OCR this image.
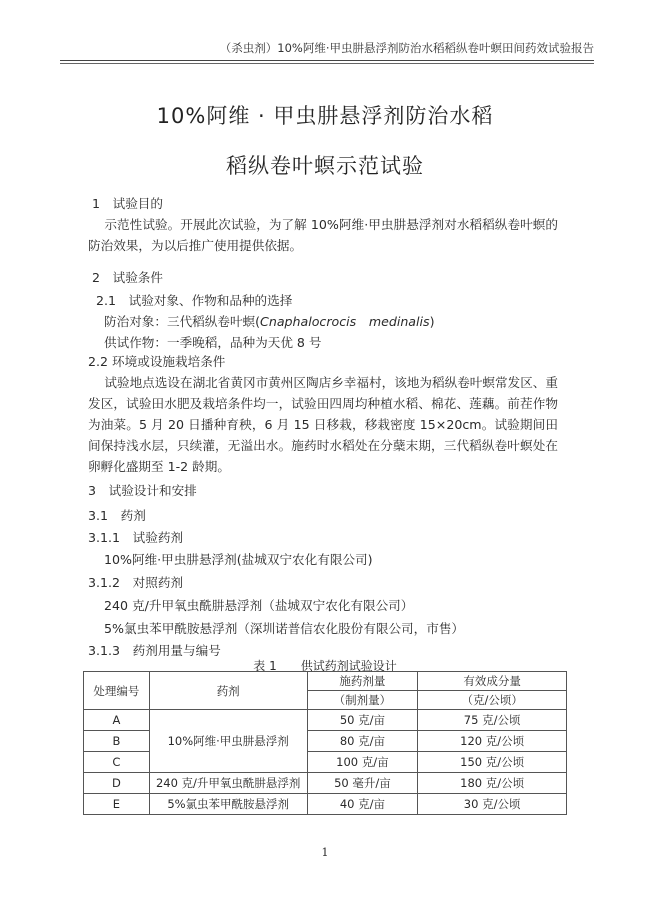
（杀虫剂）10%阿维·甲虫肼悬浮剂防治水稻稻纵卷叶螟田间药效试验报告
10%阿维 · 甲虫肼悬浮剂防治水稻
稻纵卷叶螟示范试验
1　试验目的
示范性试验。开展此次试验，为了解 10%阿维·甲虫肼悬浮剂对水稻稻纵卷叶螟的防治效果，为以后推广使用提供依据。
2　试验条件
2.1　试验对象、作物和品种的选择
防治对象：三代稻纵卷叶螟(Cnaphalocrocis　medinalis)
供试作物：一季晚稻，品种为天优 8 号
2.2 环境或设施栽培条件
试验地点选设在湖北省黄冈市黄州区陶店乡幸福村，该地为稻纵卷叶螟常发区、重发区，试验田水肥及栽培条件均一，试验田四周均种植水稻、棉花、莲藕。前茬作物为油菜。5 月 20 日播种育秧，6 月 15 日移栽，移栽密度 15×20cm。试验期间田间保持浅水层，只续灌，无溢出水。施药时水稻处在分蘖末期，三代稻纵卷叶螟处在卵孵化盛期至 1-2 龄期。
3　试验设计和安排
3.1　药剂
3.1.1　试验药剂
10%阿维·甲虫肼悬浮剂(盐城双宁农化有限公司)
3.1.2　对照药剂
240 克/升甲氧虫酰肼悬浮剂（盐城双宁农化有限公司）
5%氯虫苯甲酰胺悬浮剂（深圳诺普信农化股份有限公司，市售）
3.1.3　药剂用量与编号
表 1　　供试药剂试验设计
处理编号	药剂	施药剂量	有效成分量
		（制剂量）	（克/公顷）
A	10%阿维·甲虫肼悬浮剂	50 克/亩	75 克/公顷
B		80 克/亩	120 克/公顷
C		100 克/亩	150 克/公顷
D	240 克/升甲氧虫酰肼悬浮剂	50 毫升/亩	180 克/公顷
E	5%氯虫苯甲酰胺悬浮剂	40 克/亩	30 克/公顷
1
